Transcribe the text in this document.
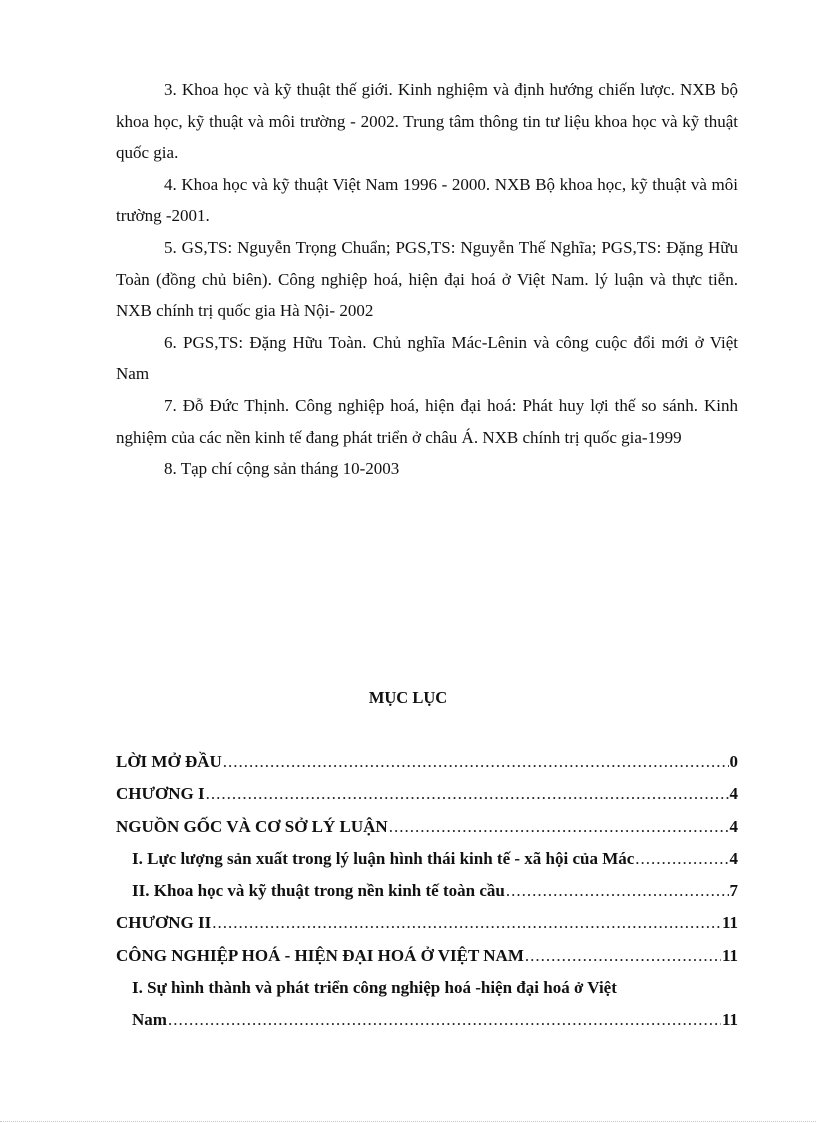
3. Khoa học và kỹ thuật thế giới. Kinh nghiệm và định hướng chiến lược. NXB bộ khoa học, kỹ thuật và môi trường - 2002. Trung tâm thông tin tư liệu khoa học và kỹ thuật quốc gia.

4. Khoa học và kỹ thuật Việt Nam 1996 - 2000. NXB Bộ khoa học, kỹ thuật và môi trường -2001.

5. GS,TS: Nguyễn Trọng Chuẩn; PGS,TS: Nguyễn Thế Nghĩa; PGS,TS: Đặng Hữu Toàn (đồng chủ biên). Công nghiệp hoá, hiện đại hoá ở Việt Nam. lý luận và thực tiễn. NXB chính trị quốc gia Hà Nội- 2002

6. PGS,TS: Đặng Hữu Toàn. Chủ nghĩa Mác-Lênin và công cuộc đổi mới ở Việt Nam

7. Đỗ Đức Thịnh. Công nghiệp hoá, hiện đại hoá: Phát huy lợi thế so sánh. Kinh nghiệm của các nền kinh tế đang phát triển ở châu Á. NXB chính trị quốc gia-1999

8. Tạp chí cộng sản tháng 10-2003

MỤC LỤC
LỜI MỞ ĐẦU .....	0
CHƯƠNG I .....	4
NGUỒN GỐC VÀ CƠ SỞ LÝ LUẬN .....	4
I. Lực lượng sản xuất trong lý luận hình thái kinh tế - xã hội của Mác .....	4
II. Khoa học và kỹ thuật trong nền kinh tế toàn cầu .....	7
CHƯƠNG II .....	11
CÔNG NGHIỆP HOÁ - HIỆN ĐẠI HOÁ Ở VIỆT NAM .....	11
I. Sự hình thành và phát triển công nghiệp hoá -hiện đại hoá ở Việt
Nam .....	11
